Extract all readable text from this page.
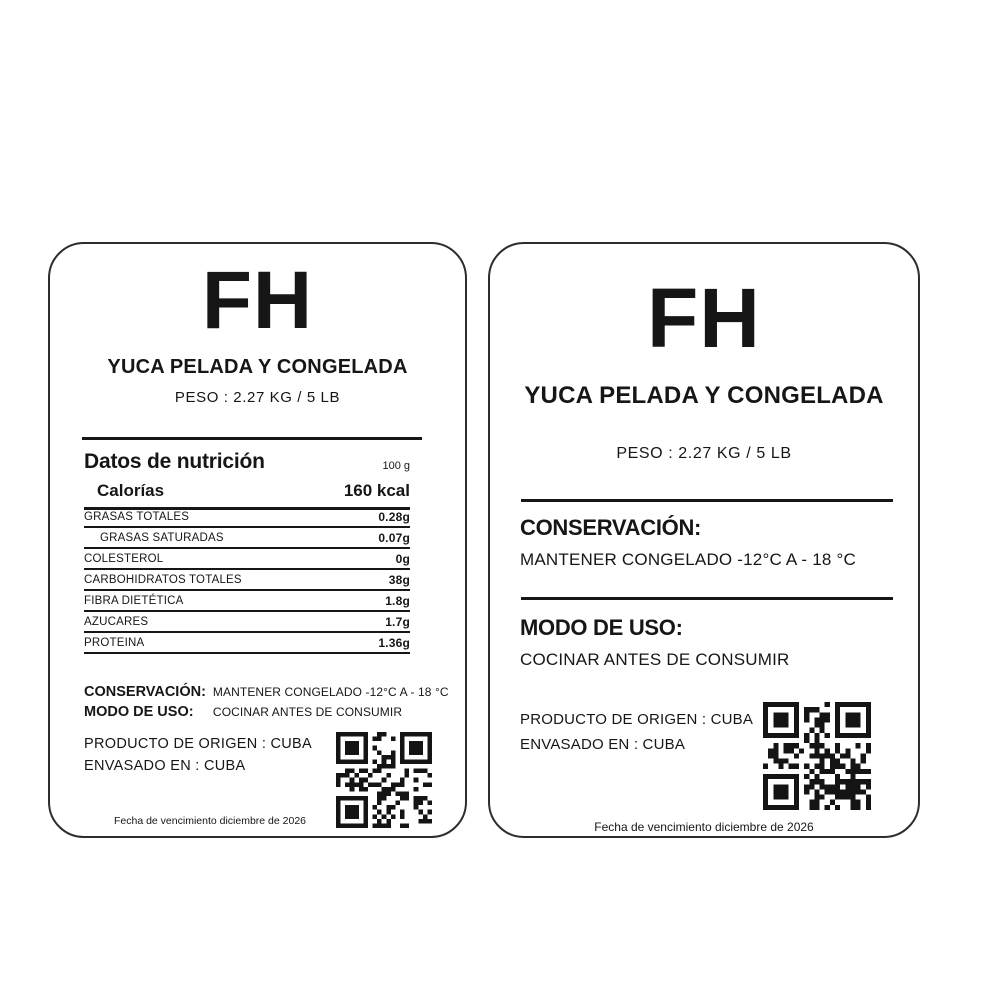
FH
YUCA PELADA Y CONGELADA
PESO : 2.27 KG / 5 LB
Datos de nutrición	100 g
Calorías	160 kcal
GRASAS TOTALES	0.28g
GRASAS SATURADAS	0.07g
COLESTEROL	0g
CARBOHIDRATOS TOTALES	38g
FIBRA DIETÉTICA	1.8g
AZUCARES	1.7g
PROTEINA	1.36g
CONSERVACIÓN: MANTENER CONGELADO -12°C A - 18 °C
MODO DE USO:	COCINAR ANTES DE CONSUMIR
PRODUCTO DE ORIGEN : CUBA
ENVASADO EN : CUBA
Fecha de vencimiento diciembre de 2026
FH
YUCA PELADA Y CONGELADA
PESO : 2.27 KG / 5 LB
CONSERVACIÓN:
MANTENER CONGELADO -12°C A - 18 °C
MODO DE USO:
COCINAR ANTES DE CONSUMIR
PRODUCTO DE ORIGEN : CUBA
ENVASADO EN : CUBA
Fecha de vencimiento diciembre de 2026
